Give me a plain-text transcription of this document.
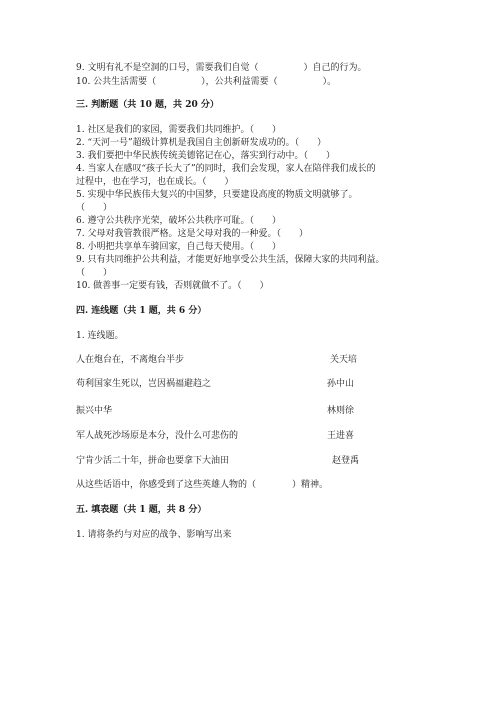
9. 文明有礼不是空洞的口号，需要我们自觉（　　　　　）自己的行为。
10. 公共生活需要（　　　　　），公共利益需要（　　　　　）。
三. 判断题（共 10 题，共 20 分）
1. 社区是我们的家园，需要我们共同维护。（　　）
2. “天河一号”超级计算机是我国自主创新研发成功的。（　　）
3. 我们要把中华民族传统美德铭记在心，落实到行动中。（　　）
4. 当家人在感叹“孩子长大了”的同时，我们会发现，家人在陪伴我们成长的
过程中，也在学习，也在成长。（　　）
5. 实现中华民族伟大复兴的中国梦，只要建设高度的物质文明就够了。
（　　）
6. 遵守公共秩序光荣，破坏公共秩序可耻。（　　）
7. 父母对我管教很严格。这是父母对我的一种爱。（　　）
8. 小明把共享单车骑回家，自己每天使用。（　　）
9. 只有共同维护公共利益，才能更好地享受公共生活，保障大家的共同利益。
（　　）
10. 做善事一定要有钱，否则就做不了。（　　）
四. 连线题（共 1 题，共 6 分）
1. 连线题。
人在炮台在，不离炮台半步	关天培
苟利国家生死以，岂因祸福避趋之	孙中山
振兴中华	林则徐
军人战死沙场原是本分，没什么可悲伤的	王进喜
宁肯少活二十年，拼命也要拿下大油田	赵登禹
从这些话语中，你感受到了这些英雄人物的（　　　　）精神。
五. 填表题（共 1 题，共 8 分）
1. 请将条约与对应的战争、影响写出来
